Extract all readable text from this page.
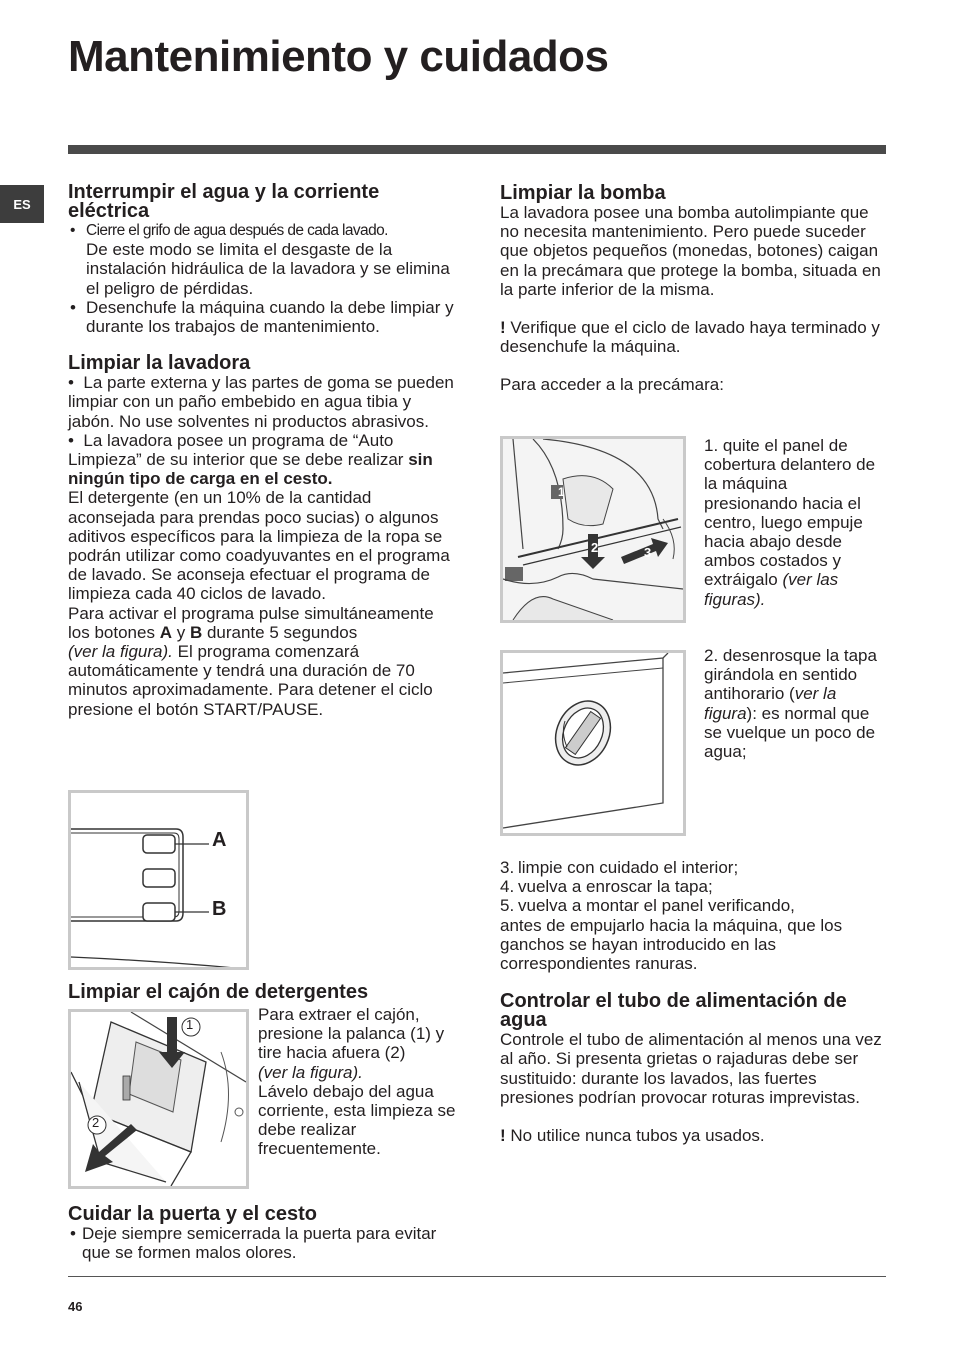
Mantenimiento y cuidados
ES
Interrumpir el agua y la corriente eléctrica

• Cierre el grifo de agua después de cada lavado.

De este modo se limita el desgaste de la instalación hidráulica de la lavadora y se elimina el peligro de pérdidas.

• Desenchufe la máquina cuando la debe limpiar y durante los trabajos de mantenimiento.

Limpiar la lavadora

•  La parte externa y las partes de goma se pueden limpiar con un paño embebido en agua tibia y jabón. No use solventes ni productos abrasivos.

•  La lavadora posee un programa de “Auto Limpieza” de su interior que se debe realizar sin ningún tipo de carga en el cesto.

El detergente (en un 10% de la cantidad aconsejada para prendas poco sucias) o algunos aditivos específicos para la limpieza de la ropa se podrán utilizar como coadyuvantes en el programa de lavado. Se aconseja efectuar el programa de limpieza cada 40 ciclos de lavado.

Para activar el programa pulse simultáneamente los botones A y B durante 5 segundos
(ver la figura). El programa comenzará automáticamente y tendrá una duración de 70 minutos aproximadamente. Para detener el ciclo presione el botón START/PAUSE.

A
B
Limpiar el cajón de detergentes
1
2

Para extraer el cajón, presione la palanca (1) y tire hacia afuera (2)
(ver la figura).

Lávelo debajo del agua corriente, esta limpieza se debe realizar frecuentemente.

Cuidar la puerta y el cesto

• Deje siempre semicerrada la puerta para evitar que se formen malos olores.

Limpiar la bomba

La lavadora posee una bomba autolimpiante que no necesita mantenimiento. Pero puede suceder que objetos pequeños (monedas, botones) caigan en la precámara que protege la bomba, situada en la parte inferior de la misma.

! Verifique que el ciclo de lavado haya terminado y desenchufe la máquina.

Para acceder a la precámara:

1
2	3

1. quite el panel de cobertura delantero de la máquina presionando hacia el centro, luego empuje hacia abajo desde ambos costados y extráigalo (ver las figuras).

2. desenrosque la tapa girándola en sentido antihorario (ver la figura): es normal que se vuelque un poco de agua;

3. limpie con cuidado el interior;

4. vuelva a enroscar la tapa;

5. vuelva a montar el panel verificando,

antes de empujarlo hacia la máquina, que los ganchos se hayan introducido en las correspondientes ranuras.

Controlar el tubo de alimentación de agua

Controle el tubo de alimentación al menos una vez al año. Si presenta grietas o rajaduras debe ser sustituido: durante los lavados, las fuertes presiones podrían provocar roturas imprevistas.

! No utilice nunca tubos ya usados.

46
